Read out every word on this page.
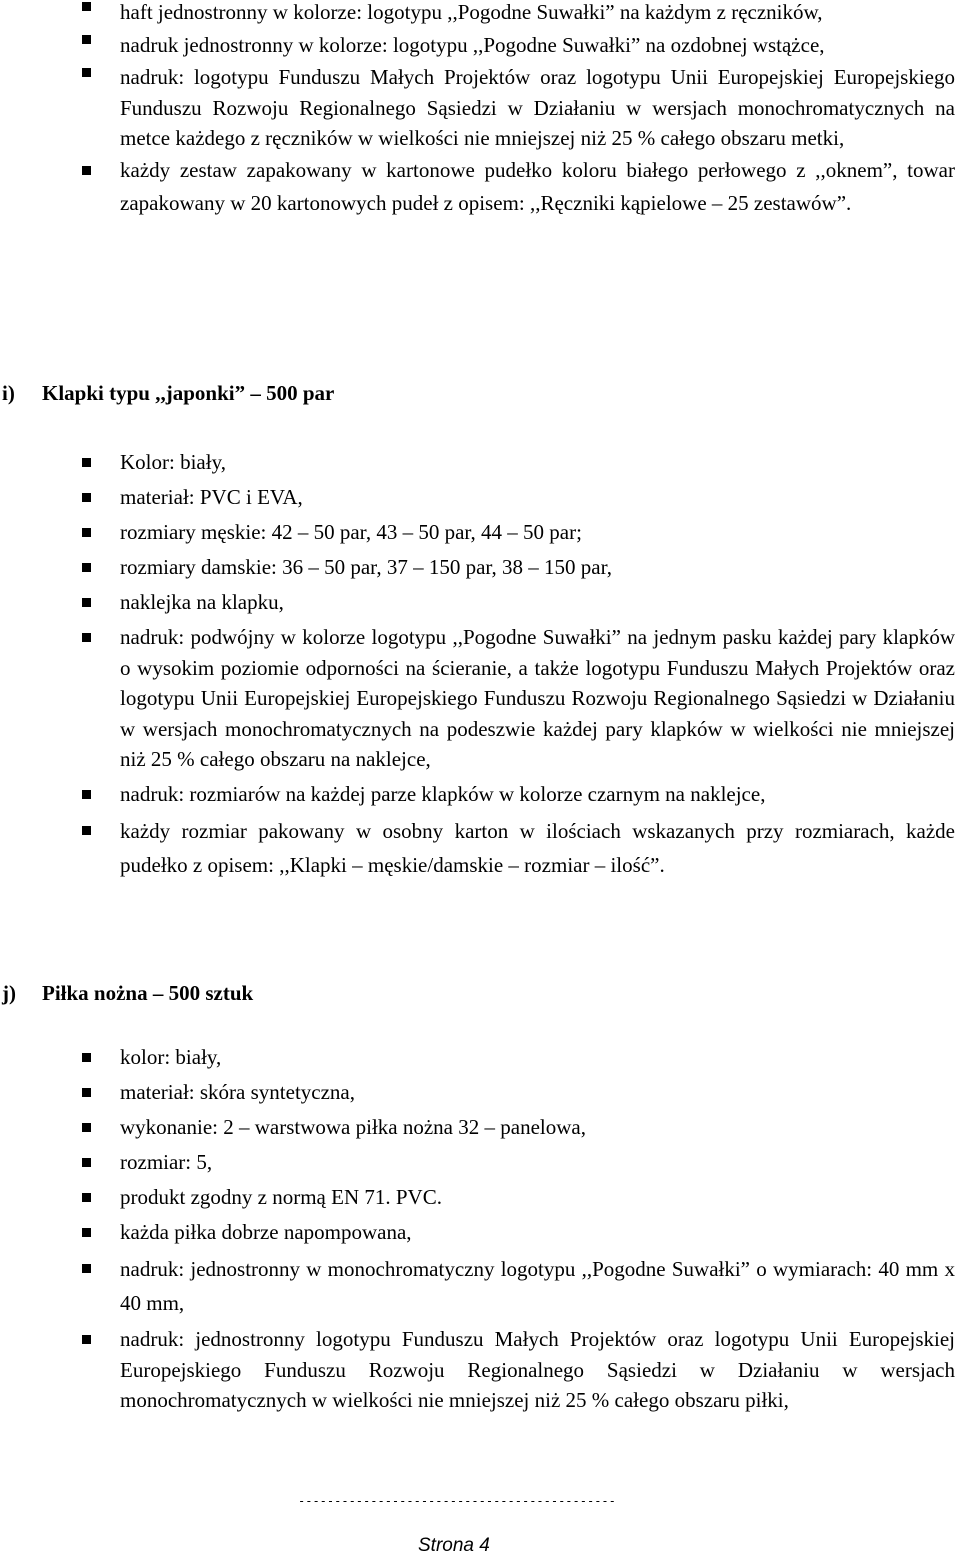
haft jednostronny w kolorze: logotypu ,,Pogodne Suwałki” na każdym z ręczników,
nadruk jednostronny w kolorze: logotypu ,,Pogodne Suwałki” na ozdobnej wstążce,
nadruk: logotypu Funduszu Małych Projektów oraz logotypu Unii Europejskiej Europejskiego Funduszu Rozwoju Regionalnego Sąsiedzi w Działaniu w wersjach monochromatycznych na metce każdego z ręczników w wielkości nie mniejszej niż 25 % całego obszaru metki,
każdy zestaw zapakowany w kartonowe pudełko koloru białego perłowego z ,,oknem”, towar zapakowany w 20 kartonowych pudeł z opisem: ,,Ręczniki kąpielowe – 25 zestawów”.
i) Klapki typu ,,japonki” – 500 par
Kolor: biały,
materiał: PVC i EVA,
rozmiary męskie: 42 – 50 par, 43 – 50 par, 44 – 50 par;
rozmiary damskie: 36 – 50 par, 37 – 150 par, 38 – 150 par,
naklejka na klapku,
nadruk: podwójny w kolorze logotypu ,,Pogodne Suwałki” na jednym pasku każdej pary klapków o wysokim poziomie odporności na ścieranie, a także logotypu Funduszu Małych Projektów oraz logotypu Unii Europejskiej Europejskiego Funduszu Rozwoju Regionalnego Sąsiedzi w Działaniu w wersjach monochromatycznych na podeszwie każdej pary klapków w wielkości nie mniejszej niż 25 % całego obszaru na naklejce,
nadruk: rozmiarów na każdej parze klapków w kolorze czarnym na naklejce,
każdy rozmiar pakowany w osobny karton w ilościach wskazanych przy rozmiarach, każde pudełko z opisem: ,,Klapki – męskie/damskie – rozmiar – ilość”.
j) Piłka nożna – 500 sztuk
kolor: biały,
materiał: skóra syntetyczna,
wykonanie: 2 – warstwowa piłka nożna 32 – panelowa,
rozmiar: 5,
produkt zgodny z normą EN 71. PVC.
każda piłka dobrze napompowana,
nadruk: jednostronny w monochromatyczny logotypu ,,Pogodne Suwałki” o wymiarach: 40 mm x 40 mm,
nadruk: jednostronny logotypu Funduszu Małych Projektów oraz logotypu Unii Europejskiej Europejskiego Funduszu Rozwoju Regionalnego Sąsiedzi w Działaniu w wersjach monochromatycznych w wielkości nie mniejszej niż 25 % całego obszaru piłki,
--------------------------------------------
Strona 4
